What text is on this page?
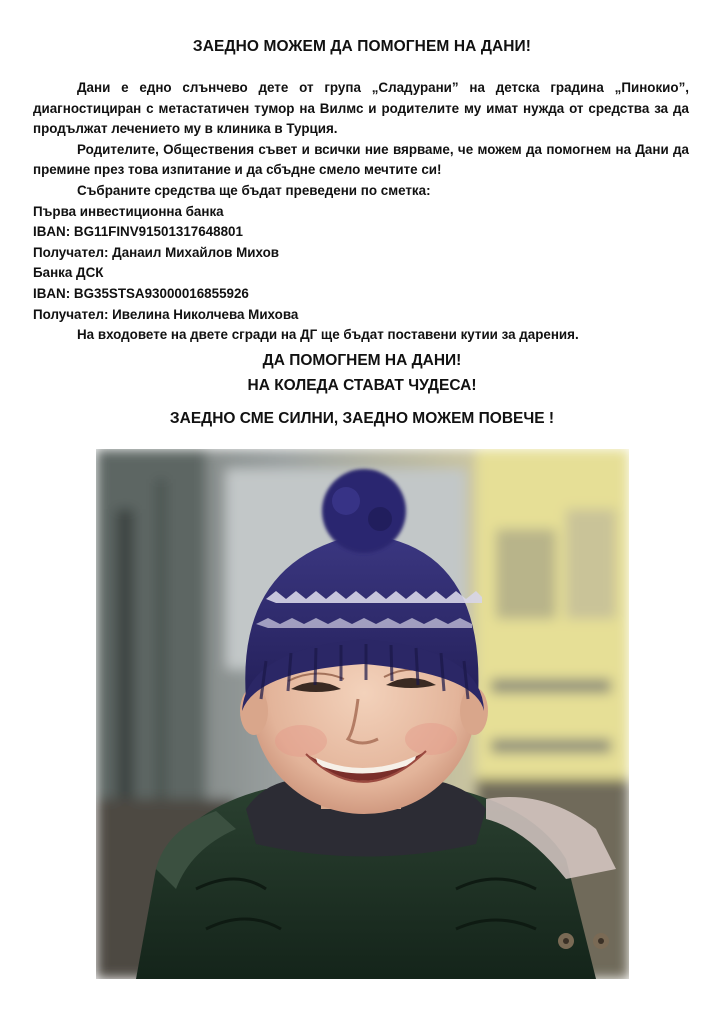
ЗАЕДНО МОЖЕМ ДА ПОМОГНЕМ НА ДАНИ!

Дани е едно слънчево дете от група „Сладурани” на детска градина „Пинокио”, диагностициран с метастатичен тумор на Вилмс и родителите му имат нужда от средства за да продължат лечението му в клиника в Турция.

Родителите, Обществения съвет и всички ние вярваме, че можем да помогнем на Дани да премине през това изпитание и да сбъдне смело мечтите си!

Събраните средства ще бъдат преведени по сметка:

Първа инвестиционна банка

IBAN: BG11FINV91501317648801

Получател: Данаил Михайлов Михов

Банка ДСК

IBAN: BG35STSA93000016855926

Получател: Ивелина Николчева Михова

На входовете на двете сгради на ДГ ще бъдат поставени кутии за дарения.

ДА ПОМОГНЕМ НА ДАНИ!
НА КОЛЕДА СТАВАТ ЧУДЕСА!
ЗАЕДНО СМЕ СИЛНИ, ЗАЕДНО МОЖЕМ ПОВЕЧЕ !
